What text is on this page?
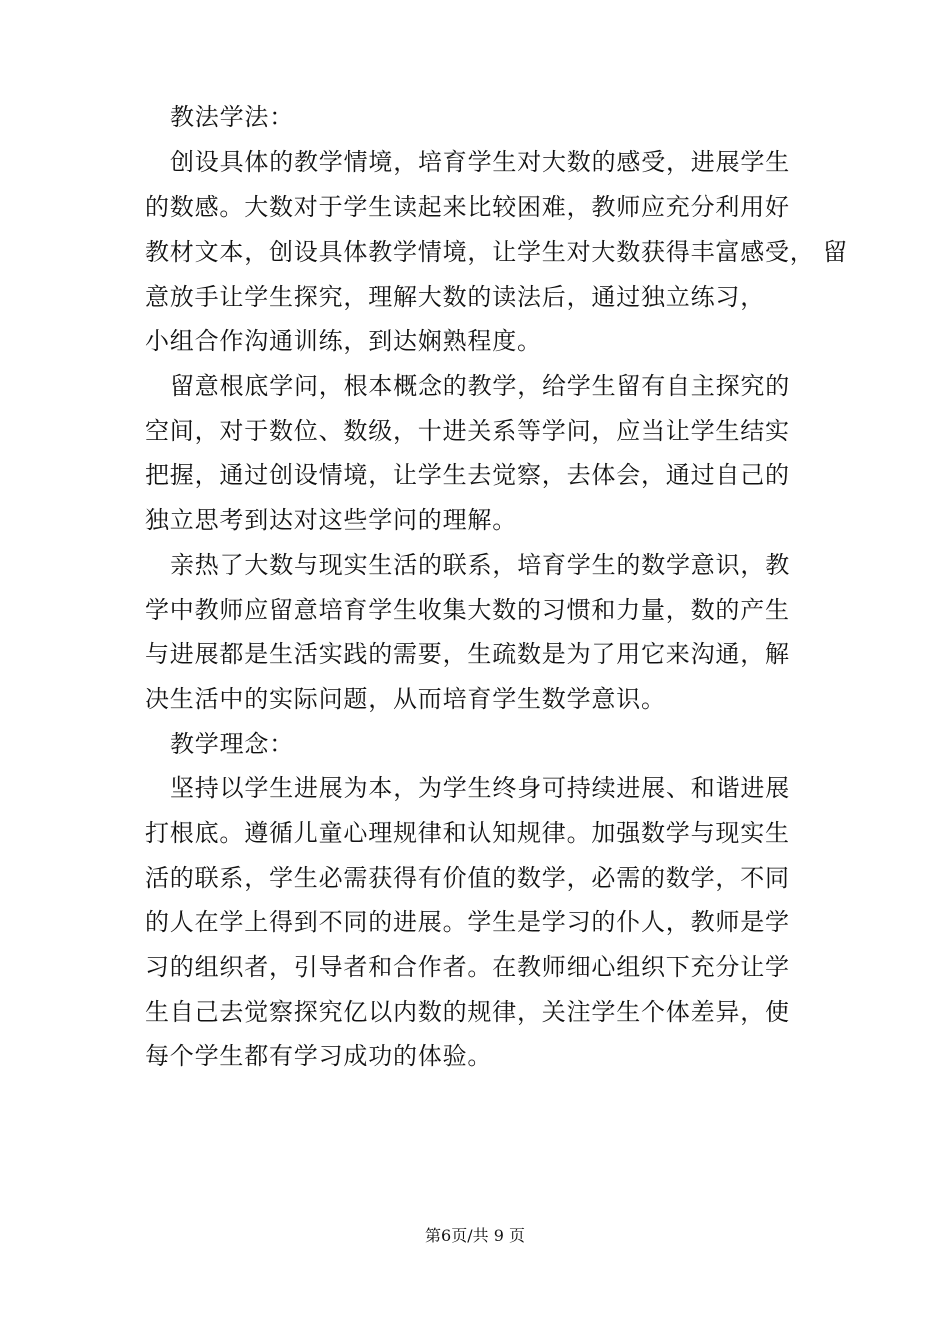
教法学法：
创设具体的教学情境，培育学生对大数的感受，进展学生
的数感。大数对于学生读起来比较困难，教师应充分利用好
教材文本，创设具体教学情境，让学生对大数获得丰富感受， 留
意放手让学生探究，理解大数的读法后，通过独立练习，
小组合作沟通训练，到达娴熟程度。
留意根底学问，根本概念的教学，给学生留有自主探究的
空间，对于数位、数级，十进关系等学问，应当让学生结实
把握，通过创设情境，让学生去觉察，去体会，通过自己的
独立思考到达对这些学问的理解。
亲热了大数与现实生活的联系，培育学生的数学意识，教
学中教师应留意培育学生收集大数的习惯和力量，数的产生
与进展都是生活实践的需要，生疏数是为了用它来沟通，解
决生活中的实际问题，从而培育学生数学意识。
教学理念：
坚持以学生进展为本，为学生终身可持续进展、和谐进展
打根底。遵循儿童心理规律和认知规律。加强数学与现实生
活的联系，学生必需获得有价值的数学，必需的数学，不同
的人在学上得到不同的进展。学生是学习的仆人，教师是学
习的组织者，引导者和合作者。在教师细心组织下充分让学
生自己去觉察探究亿以内数的规律，关注学生个体差异，使
每个学生都有学习成功的体验。
第6页/共 9 页
